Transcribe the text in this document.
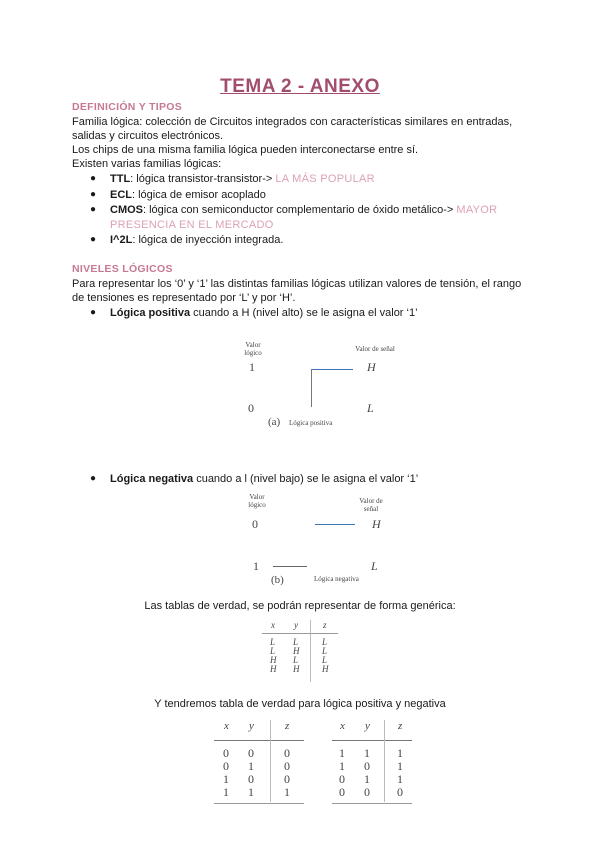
TEMA 2 - ANEXO
DEFINICIÓN Y TIPOS
Familia lógica: colección de Circuitos integrados con características similares en entradas,
salidas y circuitos electrónicos.
Los chips de una misma familia lógica pueden interconectarse entre sí.
Existen varias familias lógicas:
● TTL: lógica transistor-transistor-> LA MÁS POPULAR
● ECL: lógica de emisor acoplado
● CMOS: lógica con semiconductor complementario de óxido metálico-> MAYOR
PRESENCIA EN EL MERCADO
● I^2L: lógica de inyección integrada.
NIVELES LÓGICOS
Para representar los ‘0’ y ‘1’ las distintas familias lógicas utilizan valores de tensión, el rango
de tensiones es representado por ‘L’ y por ‘H’.
● Lógica positiva cuando a H (nivel alto) se le asigna el valor ‘1’
Valor lógico	Valor de señal
1	H
0	L
(a) Lógica positiva
● Lógica negativa cuando a l (nivel bajo) se le asigna el valor ‘1’
Valor lógico	Valor de señal
0	H
1	L
(b)	Lógica negativa
Las tablas de verdad, se podrán representar de forma genérica:
x y	z
L L	L
L H	L
H L	L
H H	H
Y tendremos tabla de verdad para lógica positiva y negativa
x y	z
0 0	0
0 1	0
1 0	0
1 1	1
x y	z
1 1 1
1 0 1
0 1 1
0 0 0
